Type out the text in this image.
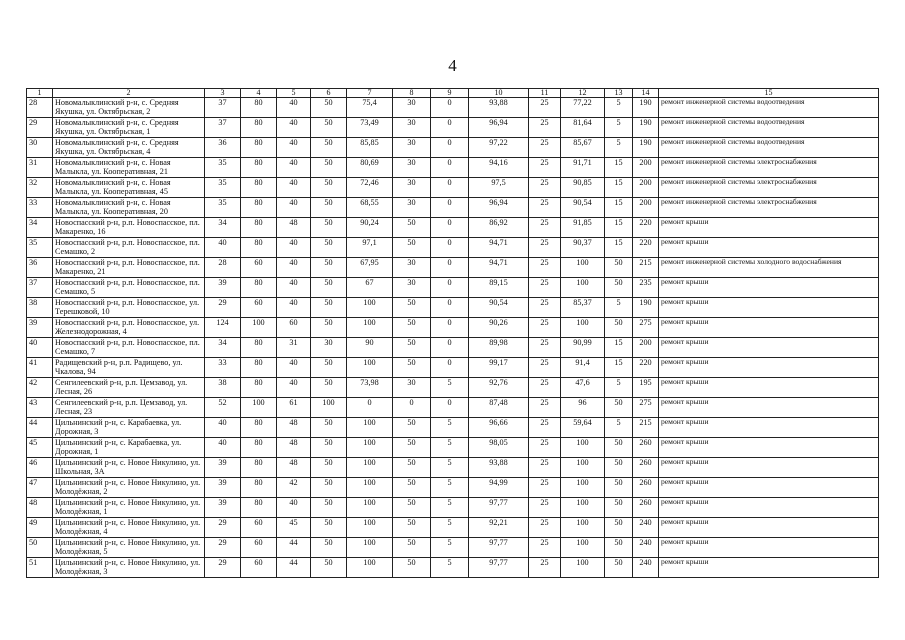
4
1	2	3	4	5	6	7	8	9	10	11	12	13	14	15
28	Новомалыклинский р-н, с. Средняя Якушка, ул. Октябрьская, 2	37	80	40	50	75,4	30	0	93,88	25	77,22	5	190	ремонт инженерной системы водоотведения
29	Новомалыклинский р-н, с. Средняя Якушка, ул. Октябрьская, 1	37	80	40	50	73,49	30	0	96,94	25	81,64	5	190	ремонт инженерной системы водоотведения
30	Новомалыклинский р-н, с. Средняя Якушка, ул. Октябрьская, 4	36	80	40	50	85,85	30	0	97,22	25	85,67	5	190	ремонт инженерной системы водоотведения
31	Новомалыклинский р-н, с. Новая Малыкла, ул. Кооперативная, 21	35	80	40	50	80,69	30	0	94,16	25	91,71	15	200	ремонт инженерной системы электроснабжения
32	Новомалыклинский р-н, с. Новая Малыкла, ул. Кооперативная, 45	35	80	40	50	72,46	30	0	97,5	25	90,85	15	200	ремонт инженерной системы электроснабжения
33	Новомалыклинский р-н, с. Новая Малыкла, ул. Кооперативная, 20	35	80	40	50	68,55	30	0	96,94	25	90,54	15	200	ремонт инженерной системы электроснабжения
34	Новоспасский р-н, р.п. Новоспасское, пл. Макаренко, 16	34	80	48	50	90,24	50	0	86,92	25	91,85	15	220	ремонт крыши
35	Новоспасский р-н, р.п. Новоспасское, пл. Семашко, 2	40	80	40	50	97,1	50	0	94,71	25	90,37	15	220	ремонт крыши
36	Новоспасский р-н, р.п. Новоспасское, пл. Макаренко, 21	28	60	40	50	67,95	30	0	94,71	25	100	50	215	ремонт инженерной системы холодного водоснабжения
37	Новоспасский р-н, р.п. Новоспасское, пл. Семашко, 5	39	80	40	50	67	30	0	89,15	25	100	50	235	ремонт крыши
38	Новоспасский р-н, р.п. Новоспасское, ул. Терешковой, 10	29	60	40	50	100	50	0	90,54	25	85,37	5	190	ремонт крыши
39	Новоспасский р-н, р.п. Новоспасское, ул. Железнодорожная, 4	124	100	60	50	100	50	0	90,26	25	100	50	275	ремонт крыши
40	Новоспасский р-н, р.п. Новоспасское, пл. Семашко, 7	34	80	31	30	90	50	0	89,98	25	90,99	15	200	ремонт крыши
41	Радищевский р-н, р.п. Радищево, ул. Чкалова, 94	33	80	40	50	100	50	0	99,17	25	91,4	15	220	ремонт крыши
42	Сенгилеевский р-н, р.п. Цемзавод, ул. Лесная, 26	38	80	40	50	73,98	30	5	92,76	25	47,6	5	195	ремонт крыши
43	Сенгилеевский р-н, р.п. Цемзавод, ул. Лесная, 23	52	100	61	100	0	0	0	87,48	25	96	50	275	ремонт крыши
44	Цильнинский р-н, с. Карабаевка, ул. Дорожная, 3	40	80	48	50	100	50	5	96,66	25	59,64	5	215	ремонт крыши
45	Цильнинский р-н, с. Карабаевка, ул. Дорожная, 1	40	80	48	50	100	50	5	98,05	25	100	50	260	ремонт крыши
46	Цильнинский р-н, с. Новое Никулино, ул. Школьная, 3А	39	80	48	50	100	50	5	93,88	25	100	50	260	ремонт крыши
47	Цильнинский р-н, с. Новое Никулино, ул. Молодёжная, 2	39	80	42	50	100	50	5	94,99	25	100	50	260	ремонт крыши
48	Цильнинский р-н, с. Новое Никулино, ул. Молодёжная, 1	39	80	40	50	100	50	5	97,77	25	100	50	260	ремонт крыши
49	Цильнинский р-н, с. Новое Никулино, ул. Молодёжная, 4	29	60	45	50	100	50	5	92,21	25	100	50	240	ремонт крыши
50	Цильнинский р-н, с. Новое Никулино, ул. Молодёжная, 5	29	60	44	50	100	50	5	97,77	25	100	50	240	ремонт крыши
51	Цильнинский р-н, с. Новое Никулино, ул. Молодёжная, 3	29	60	44	50	100	50	5	97,77	25	100	50	240	ремонт крыши
